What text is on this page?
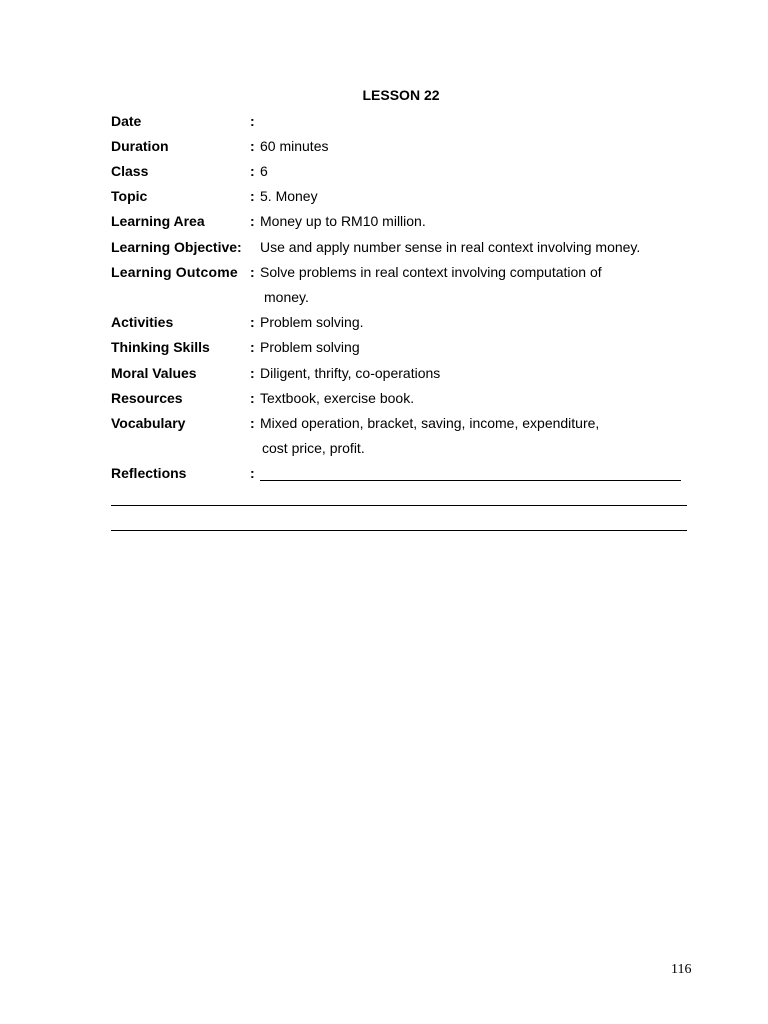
LESSON 22
Date	:
Duration	: 60 minutes
Class	: 6
Topic	: 5. Money
Learning Area	: Money up to RM10 million.
Learning Objective: Use and apply number sense in real context involving money.
Learning Outcome : Solve problems in real context involving computation of
money.
Activities	: Problem solving.
Thinking Skills	: Problem solving
Moral Values	: Diligent, thrifty, co-operations
Resources	: Textbook, exercise book.
Vocabulary	: Mixed operation, bracket, saving, income, expenditure,
cost price, profit.
Reflections	:
116
